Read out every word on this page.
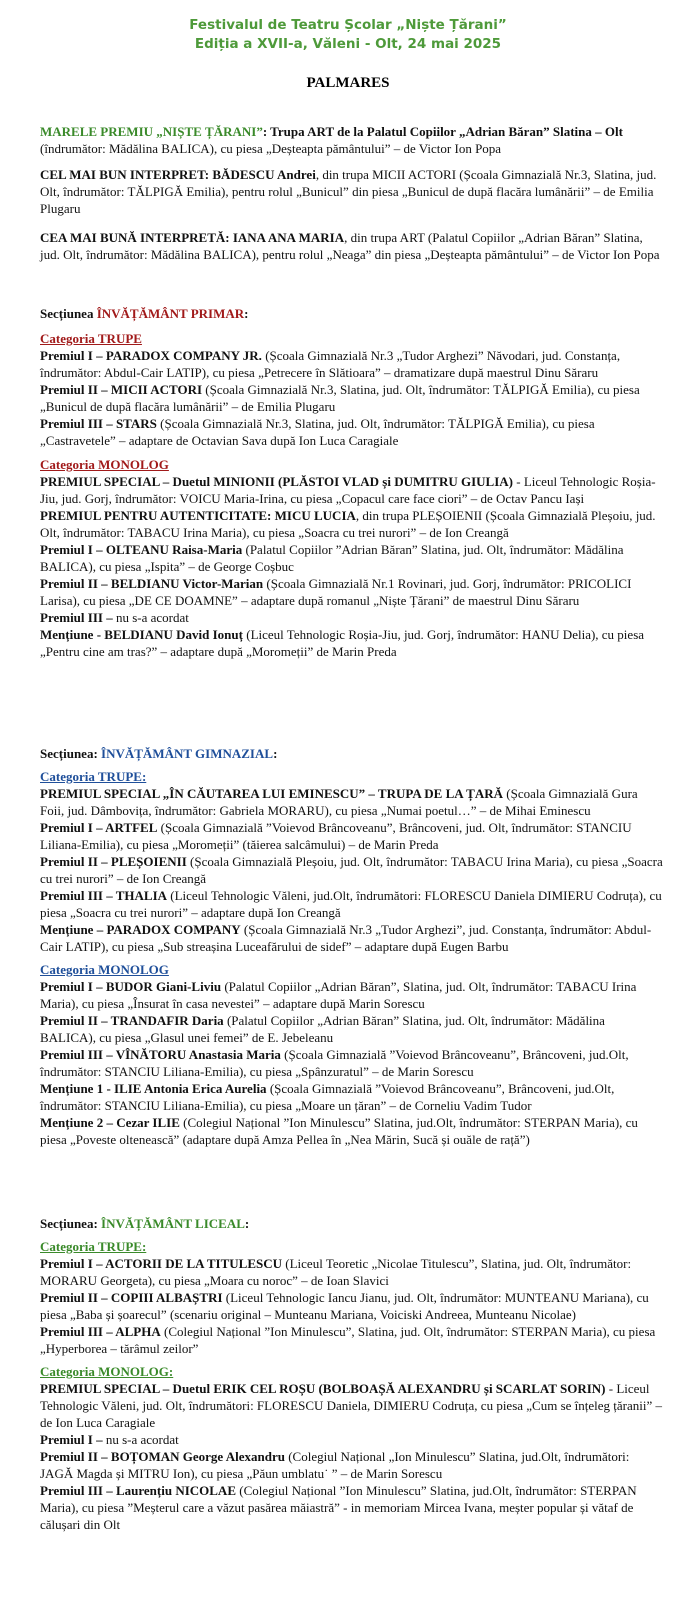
Festivalul de Teatru Școlar „Niște Țărani”
Ediția a XVII-a, Văleni - Olt, 24 mai 2025
PALMARES

MARELE PREMIU „NIȘTE ȚĂRANI”: Trupa ART de la Palatul Copiilor „Adrian Băran” Slatina – Olt (îndrumător: Mădălina BALICA), cu piesa „Deșteapta pământului” – de Victor Ion Popa

CEL MAI BUN INTERPRET: BĂDESCU Andrei, din trupa MICII ACTORI (Școala Gimnazială Nr.3, Slatina, jud. Olt, îndrumător: TĂLPIGĂ Emilia), pentru rolul „Bunicul” din piesa „Bunicul de după flacăra lumânării” – de Emilia Plugaru

CEA MAI BUNĂ INTERPRETĂ: IANA ANA MARIA, din trupa ART (Palatul Copiilor „Adrian Băran” Slatina, jud. Olt, îndrumător: Mădălina BALICA), pentru rolul „Neaga” din piesa „Deșteapta pământului” – de Victor Ion Popa

Secțiunea ÎNVĂȚĂMÂNT PRIMAR:

Categoria TRUPE

Premiul I – PARADOX COMPANY JR. (Școala Gimnazială Nr.3 „Tudor Arghezi” Năvodari, jud. Constanța, îndrumător: Abdul-Cair LATIP), cu piesa „Petrecere în Slătioara” – dramatizare după maestrul Dinu Săraru

Premiul II – MICII ACTORI (Școala Gimnazială Nr.3, Slatina, jud. Olt, îndrumător: TĂLPIGĂ Emilia), cu piesa „Bunicul de după flacăra lumânării” – de Emilia Plugaru

Premiul III – STARS (Școala Gimnazială Nr.3, Slatina, jud. Olt, îndrumător: TĂLPIGĂ Emilia), cu piesa „Castravetele” – adaptare de Octavian Sava după Ion Luca Caragiale

Categoria MONOLOG

PREMIUL SPECIAL – Duetul MINIONII (PLĂSTOI VLAD și DUMITRU GIULIA) - Liceul Tehnologic Roșia-Jiu, jud. Gorj, îndrumător: VOICU Maria-Irina, cu piesa „Copacul care face ciori” – de Octav Pancu Iași

PREMIUL PENTRU AUTENTICITATE: MICU LUCIA, din trupa PLEȘOIENII (Școala Gimnazială Pleșoiu, jud. Olt, îndrumător: TABACU Irina Maria), cu piesa „Soacra cu trei nurori” – de Ion Creangă

Premiul I – OLTEANU Raisa-Maria (Palatul Copiilor ”Adrian Băran” Slatina, jud. Olt, îndrumător: Mădălina BALICA), cu piesa „Ispita” – de George Coșbuc

Premiul II – BELDIANU Victor-Marian (Școala Gimnazială Nr.1 Rovinari, jud. Gorj, îndrumător: PRICOLICI Larisa), cu piesa „DE CE DOAMNE” – adaptare după romanul „Niște Țărani” de maestrul Dinu Săraru

Premiul III – nu s-a acordat

Mențiune - BELDIANU David Ionuț (Liceul Tehnologic Roșia-Jiu, jud. Gorj, îndrumător: HANU Delia), cu piesa „Pentru cine am tras?” – adaptare după „Moromeții” de Marin Preda

Secțiunea: ÎNVĂȚĂMÂNT GIMNAZIAL:

Categoria TRUPE:

PREMIUL SPECIAL „ÎN CĂUTAREA LUI EMINESCU” – TRUPA DE LA ȚARĂ (Școala Gimnazială Gura Foii, jud. Dâmbovița, îndrumător: Gabriela MORARU), cu piesa „Numai poetul…” – de Mihai Eminescu

Premiul I – ARTFEL (Școala Gimnazială ”Voievod Brâncoveanu”, Brâncoveni, jud. Olt, îndrumător: STANCIU Liliana-Emilia), cu piesa „Moromeții” (tăierea salcâmului) – de Marin Preda

Premiul II – PLEȘOIENII (Școala Gimnazială Pleșoiu, jud. Olt, îndrumător: TABACU Irina Maria), cu piesa „Soacra cu trei nurori” – de Ion Creangă

Premiul III – THALIA (Liceul Tehnologic Văleni, jud.Olt, îndrumători: FLORESCU Daniela DIMIERU Codruța), cu piesa „Soacra cu trei nurori” – adaptare după Ion Creangă

Mențiune – PARADOX COMPANY (Școala Gimnazială Nr.3 „Tudor Arghezi”, jud. Constanța, îndrumător: Abdul-Cair LATIP), cu piesa „Sub streașina Luceafărului de sidef” – adaptare după Eugen Barbu

Categoria MONOLOG

Premiul I – BUDOR Giani-Liviu (Palatul Copiilor „Adrian Băran”, Slatina, jud. Olt, îndrumător: TABACU Irina Maria), cu piesa „Însurat în casa nevestei” – adaptare după Marin Sorescu

Premiul II – TRANDAFIR Daria (Palatul Copiilor „Adrian Băran” Slatina, jud. Olt, îndrumător: Mădălina BALICA), cu piesa „Glasul unei femei” de E. Jebeleanu

Premiul III – VÎNĂTORU Anastasia Maria (Școala Gimnazială ”Voievod Brâncoveanu”, Brâncoveni, jud.Olt, îndrumător: STANCIU Liliana-Emilia), cu piesa „Spânzuratul” – de Marin Sorescu

Mențiune 1 - ILIE Antonia Erica Aurelia (Școala Gimnazială ”Voievod Brâncoveanu”, Brâncoveni, jud.Olt, îndrumător: STANCIU Liliana-Emilia), cu piesa „Moare un țăran” – de Corneliu Vadim Tudor

Mențiune 2 – Cezar ILIE (Colegiul Național ”Ion Minulescu” Slatina, jud.Olt, îndrumător: STERPAN Maria), cu piesa „Poveste oltenească” (adaptare după Amza Pellea în „Nea Mărin, Sucă și ouăle de rață”)

Secțiunea: ÎNVĂȚĂMÂNT LICEAL:

Categoria TRUPE:

Premiul I – ACTORII DE LA TITULESCU (Liceul Teoretic „Nicolae Titulescu”, Slatina, jud. Olt, îndrumător: MORARU Georgeta), cu piesa „Moara cu noroc” – de Ioan Slavici

Premiul II – COPIII ALBAȘTRI (Liceul Tehnologic Iancu Jianu, jud. Olt, îndrumător: MUNTEANU Mariana), cu piesa „Baba și șoarecul” (scenariu original – Munteanu Mariana, Voiciski Andreea, Munteanu Nicolae)

Premiul III – ALPHA (Colegiul Național ”Ion Minulescu”, Slatina, jud. Olt, îndrumător: STERPAN Maria), cu piesa „Hyperborea – tărâmul zeilor”

Categoria MONOLOG:

PREMIUL SPECIAL – Duetul ERIK CEL ROȘU (BOLBOAȘĂ ALEXANDRU și SCARLAT SORIN) - Liceul Tehnologic Văleni, jud. Olt, îndrumători: FLORESCU Daniela, DIMIERU Codruța, cu piesa „Cum se înțeleg țăranii” – de Ion Luca Caragiale

Premiul I – nu s-a acordat

Premiul II – BOȚOMAN George Alexandru (Colegiul Național „Ion Minulescu” Slatina, jud.Olt, îndrumători: JAGĂ Magda și MITRU Ion), cu piesa „Păun umblatu˙ ” – de Marin Sorescu

Premiul III – Laurențiu NICOLAE (Colegiul Național ”Ion Minulescu” Slatina, jud.Olt, îndrumător: STERPAN Maria), cu piesa ”Meșterul care a văzut pasărea măiastră” - in memoriam Mircea Ivana, meșter popular și vătaf de călușari din Olt
